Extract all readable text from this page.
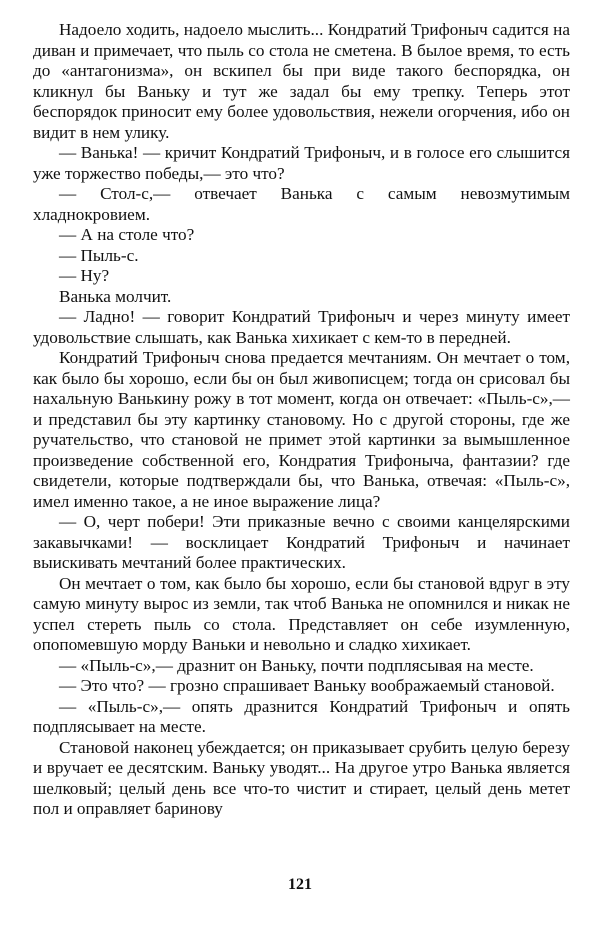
Надоело ходить, надоело мыслить... Кондратий Трифоныч садится на диван и примечает, что пыль со стола не сметена. В былое время, то есть до «антагонизма», он вскипел бы при виде такого беспорядка, он кликнул бы Ваньку и тут же задал бы ему трепку. Теперь этот беспорядок приносит ему более удовольствия, нежели огорчения, ибо он видит в нем улику.

— Ванька! — кричит Кондратий Трифоныч, и в голосе его слышится уже торжество победы,— это что?

— Стол-с,— отвечает Ванька с самым невозмутимым хладнокровием.

— А на столе что?

— Пыль-с.

— Ну?

Ванька молчит.

— Ладно! — говорит Кондратий Трифоныч и через минуту имеет удовольствие слышать, как Ванька хихикает с кем-то в передней.

Кондратий Трифоныч снова предается мечтаниям. Он мечтает о том, как было бы хорошо, если бы он был живописцем; тогда он срисовал бы нахальную Ванькину рожу в тот момент, когда он отвечает: «Пыль-с»,— и представил бы эту картинку становому. Но с другой стороны, где же ручательство, что становой не примет этой картинки за вымышленное произведение собственной его, Кондратия Трифоныча, фантазии? где свидетели, которые подтверждали бы, что Ванька, отвечая: «Пыль-с», имел именно такое, а не иное выражение лица?

— О, черт побери! Эти приказные вечно с своими канцелярскими закавычками! — восклицает Кондратий Трифоныч и начинает выискивать мечтаний более практических.

Он мечтает о том, как было бы хорошо, если бы становой вдруг в эту самую минуту вырос из земли, так чтоб Ванька не опомнился и никак не успел стереть пыль со стола. Представляет он себе изумленную, опопомевшую морду Ваньки и невольно и сладко хихикает.

— «Пыль-с»,— дразнит он Ваньку, почти подплясывая на месте.

— Это что? — грозно спрашивает Ваньку воображаемый становой.

— «Пыль-с»,— опять дразнится Кондратий Трифоныч и опять подплясывает на месте.

Становой наконец убеждается; он приказывает срубить целую березу и вручает ее десятским. Ваньку уводят... На другое утро Ванька является шелковый; целый день все что-то чистит и стирает, целый день метет пол и оправляет баринову

121
